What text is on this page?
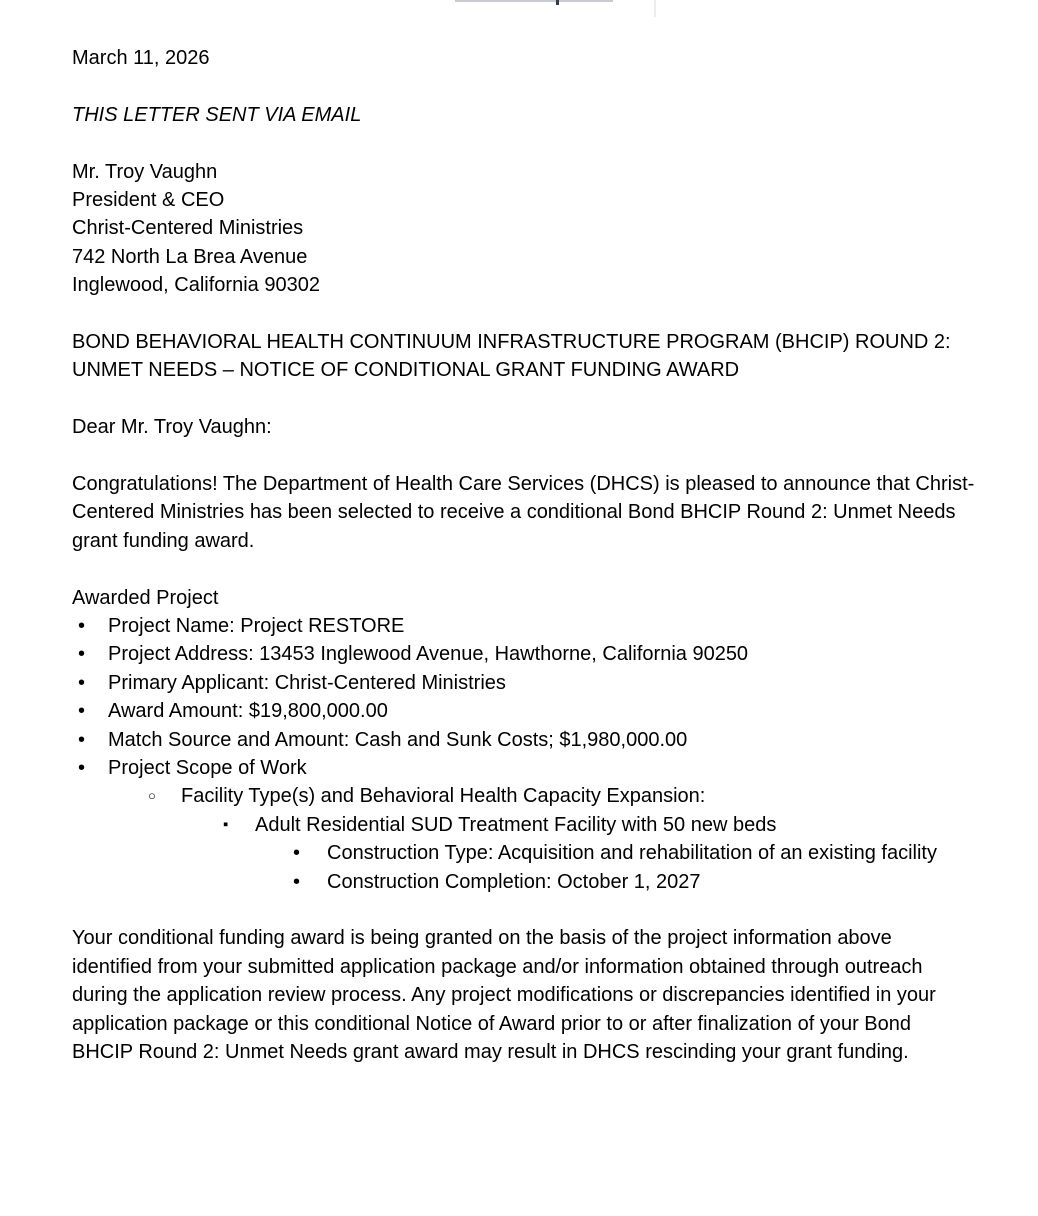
March 11, 2026

THIS LETTER SENT VIA EMAIL

Mr. Troy Vaughn

President & CEO

Christ-Centered Ministries

742 North La Brea Avenue

Inglewood, California 90302

BOND BEHAVIORAL HEALTH CONTINUUM INFRASTRUCTURE PROGRAM (BHCIP) ROUND 2: UNMET NEEDS – NOTICE OF CONDITIONAL GRANT FUNDING AWARD

Dear Mr. Troy Vaughn:

Congratulations! The Department of Health Care Services (DHCS) is pleased to announce that Christ-Centered Ministries has been selected to receive a conditional Bond BHCIP Round 2: Unmet Needs grant funding award.

Awarded Project

•	Project Name: Project RESTORE
•	Project Address: 13453 Inglewood Avenue, Hawthorne, California 90250
•	Primary Applicant: Christ-Centered Ministries
•	Award Amount: $19,800,000.00
•	Match Source and Amount: Cash and Sunk Costs; $1,980,000.00
•	Project Scope of Work
○	Facility Type(s) and Behavioral Health Capacity Expansion:
▪	Adult Residential SUD Treatment Facility with 50 new beds
•	Construction Type: Acquisition and rehabilitation of an existing facility
•	Construction Completion: October 1, 2027

Your conditional funding award is being granted on the basis of the project information above identified from your submitted application package and/or information obtained through outreach during the application review process. Any project modifications or discrepancies identified in your application package or this conditional Notice of Award prior to or after finalization of your Bond BHCIP Round 2: Unmet Needs grant award may result in DHCS rescinding your grant funding.
